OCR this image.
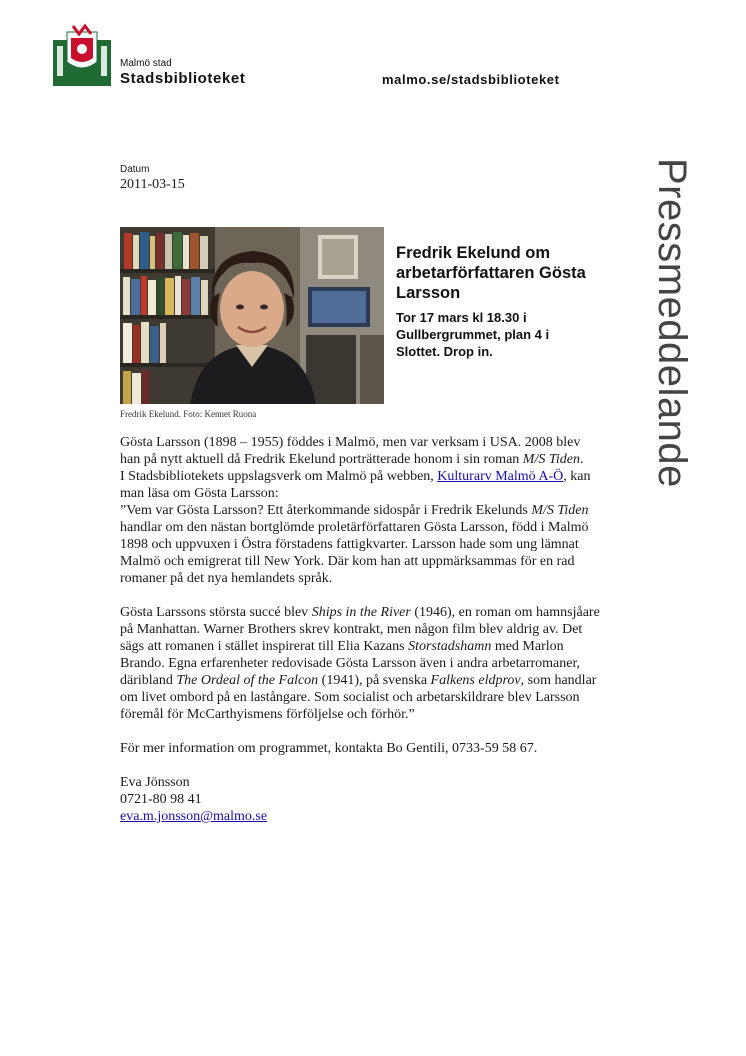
Malmö stad
Stadsbiblioteket	malmo.se/stadsbiblioteket
Pressmeddelande
Datum
2011-03-15
Fredrik Ekelund. Foto: Kennet Ruona
Fredrik Ekelund om arbetarförfattaren Gösta Larsson
Tor 17 mars kl 18.30 i Gullbergrummet, plan 4 i Slottet. Drop in.

Gösta Larsson (1898 – 1955) föddes i Malmö, men var verksam i USA. 2008 blev han på nytt aktuell då Fredrik Ekelund porträtterade honom i sin roman M/S Tiden.

I Stadsbibliotekets uppslagsverk om Malmö på webben, Kulturarv Malmö A-Ö, kan man läsa om Gösta Larsson:

”Vem var Gösta Larsson? Ett återkommande sidospår i Fredrik Ekelunds M/S Tiden handlar om den nästan bortglömde proletärförfattaren Gösta Larsson, född i Malmö 1898 och uppvuxen i Östra förstadens fattigkvarter. Larsson hade som ung lämnat Malmö och emigrerat till New York. Där kom han att uppmärksammas för en rad romaner på det nya hemlandets språk.

Gösta Larssons största succé blev Ships in the River (1946), en roman om hamnsjåare på Manhattan. Warner Brothers skrev kontrakt, men någon film blev aldrig av. Det sägs att romanen i stället inspirerat till Elia Kazans Storstadshamn med Marlon Brando. Egna erfarenheter redovisade Gösta Larsson även i andra arbetarromaner, däribland The Ordeal of the Falcon (1941), på svenska Falkens eldprov, som handlar om livet ombord på en lastångare. Som socialist och arbetarskildrare blev Larsson föremål för McCarthyismens förföljelse och förhör.”

För mer information om programmet, kontakta Bo Gentili, 0733-59 58 67.

Eva Jönsson

0721-80 98 41

eva.m.jonsson@malmo.se
